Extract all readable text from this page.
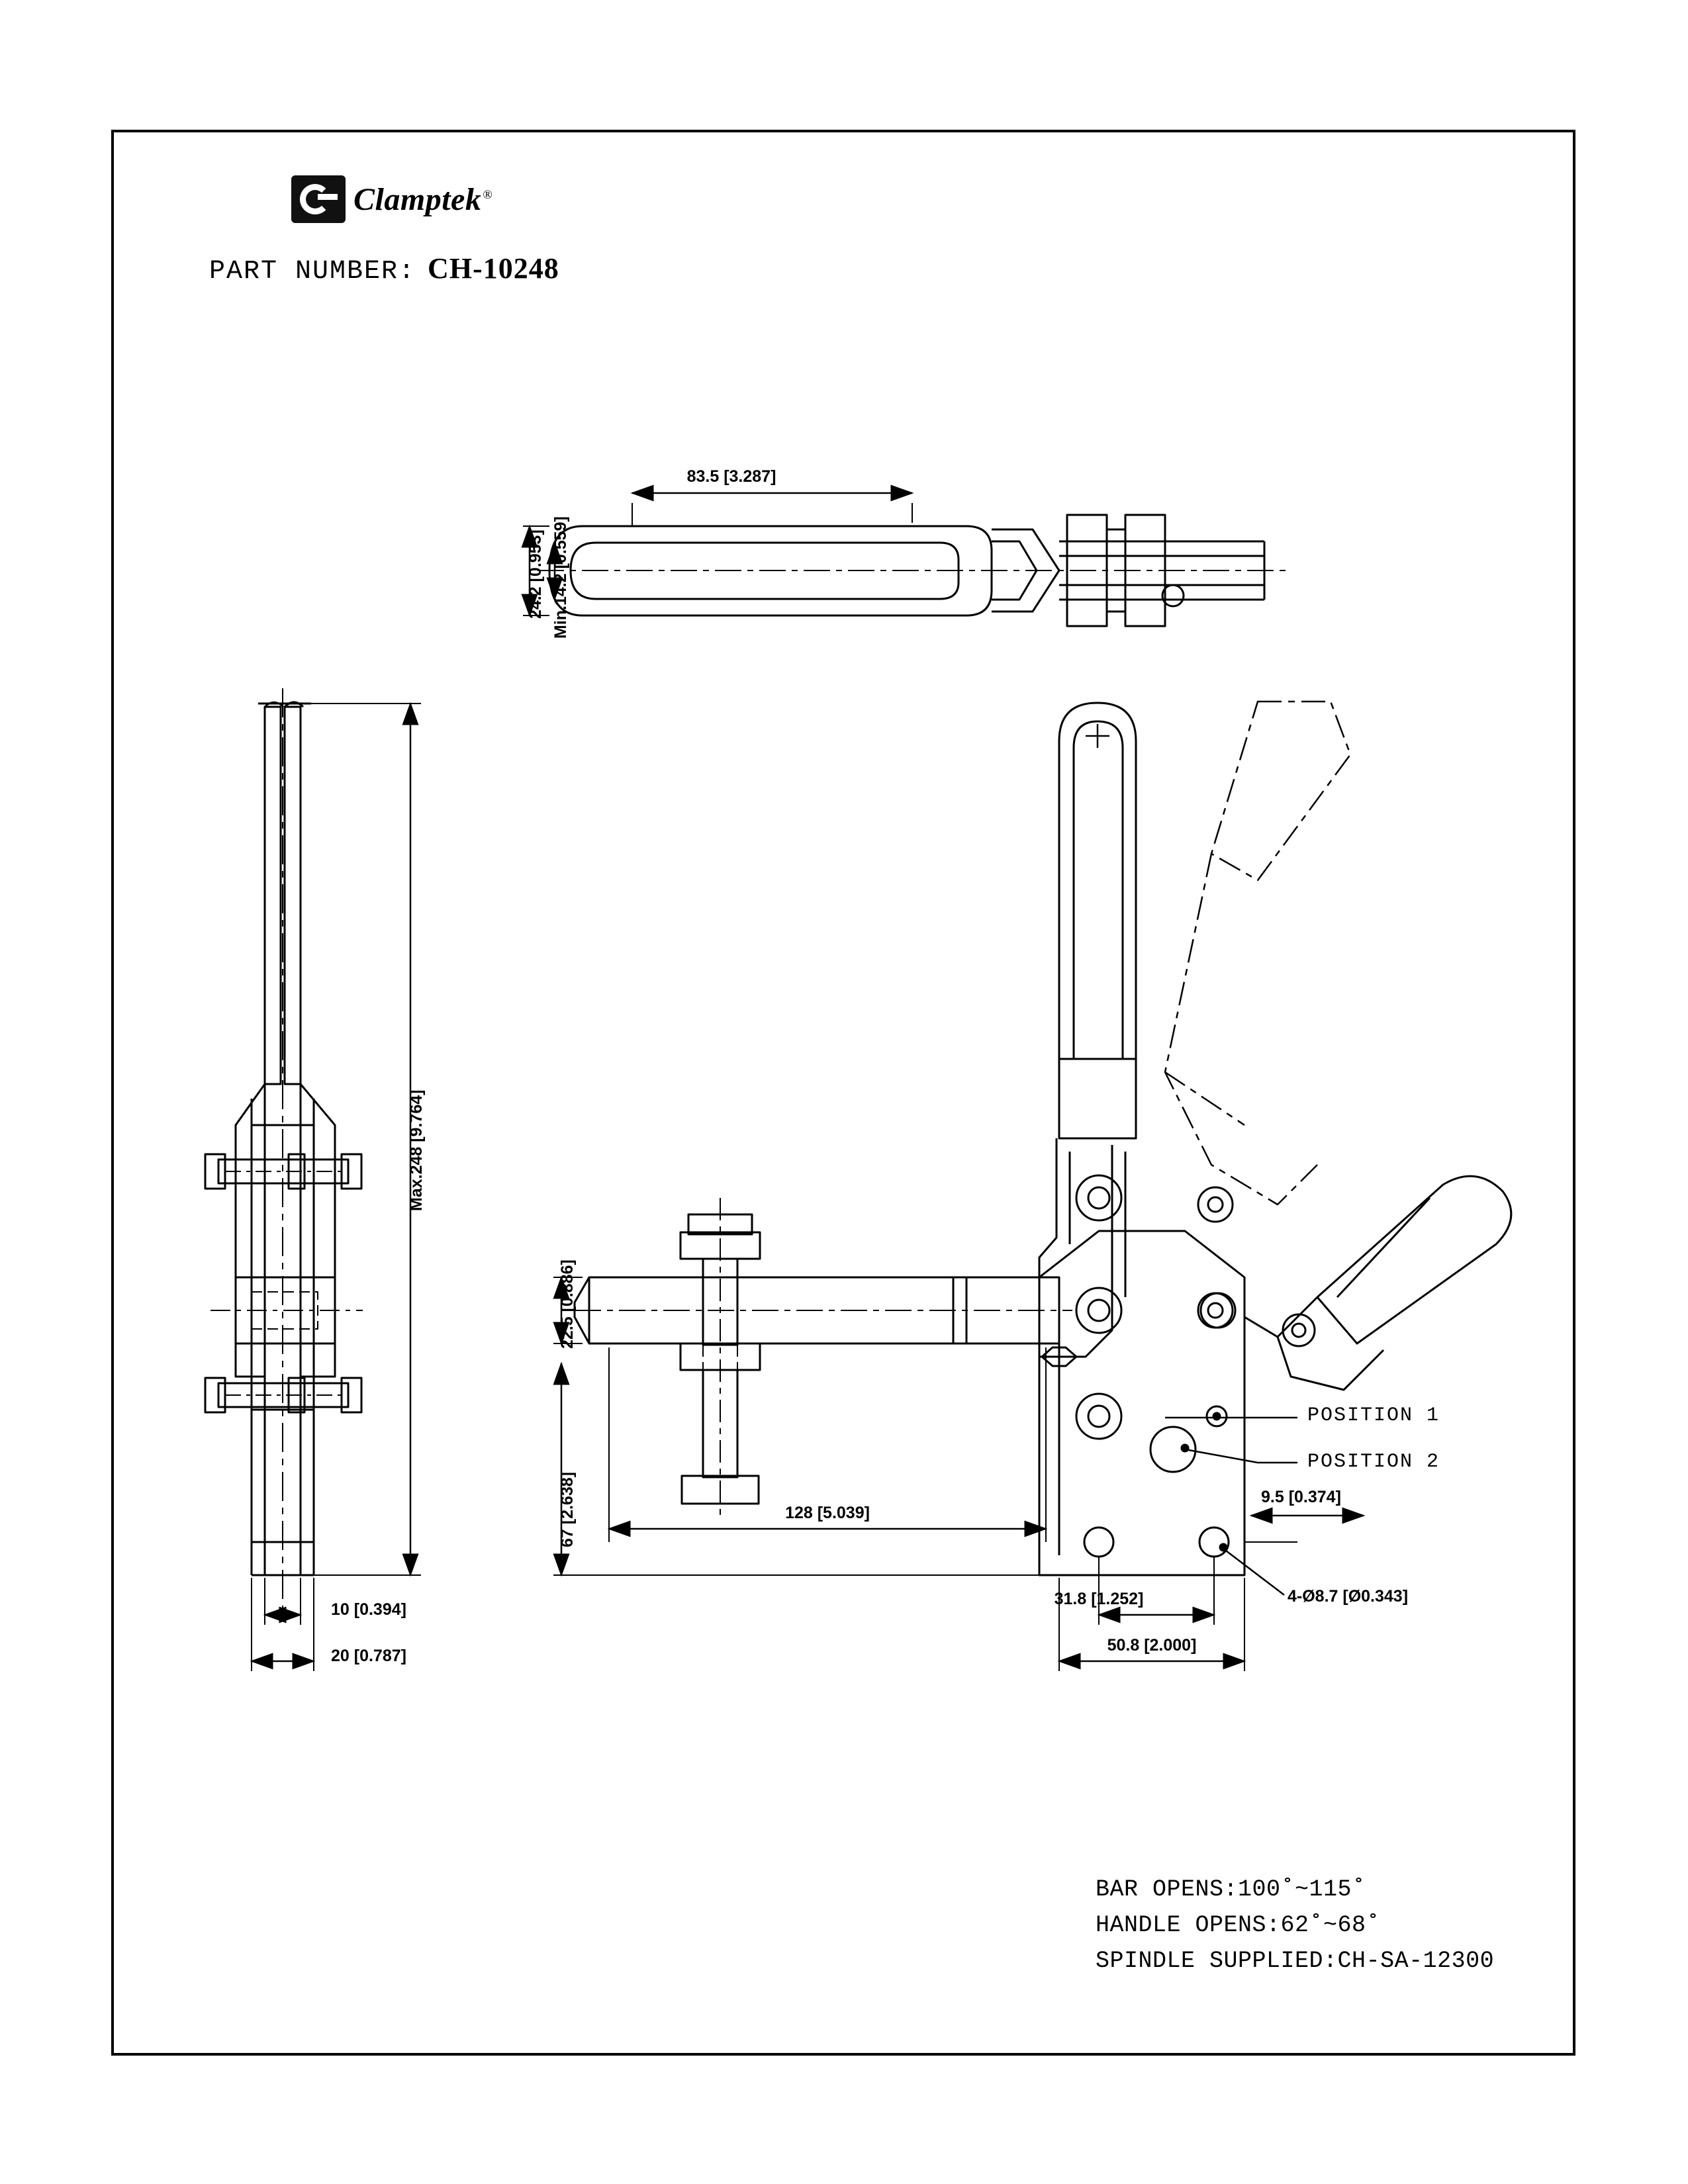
Clamptek ®
PART NUMBER: CH-10248
83.5 [3.287]
24.2 [0.953] Min.14.2 [0.559]
Max.248 [9.764]
10 [0.394]
20 [0.787]
22.5 [0.886]
67 [2.638]	128 [5.039]
9.5 [0.374]
31.8 [1.252]
50.8 [2.000]
4-Ø8.7 [Ø0.343]
POSITION 1
POSITION 2
BAR OPENS:100˚~115˚
HANDLE OPENS:62˚~68˚
SPINDLE SUPPLIED:CH-SA-12300
